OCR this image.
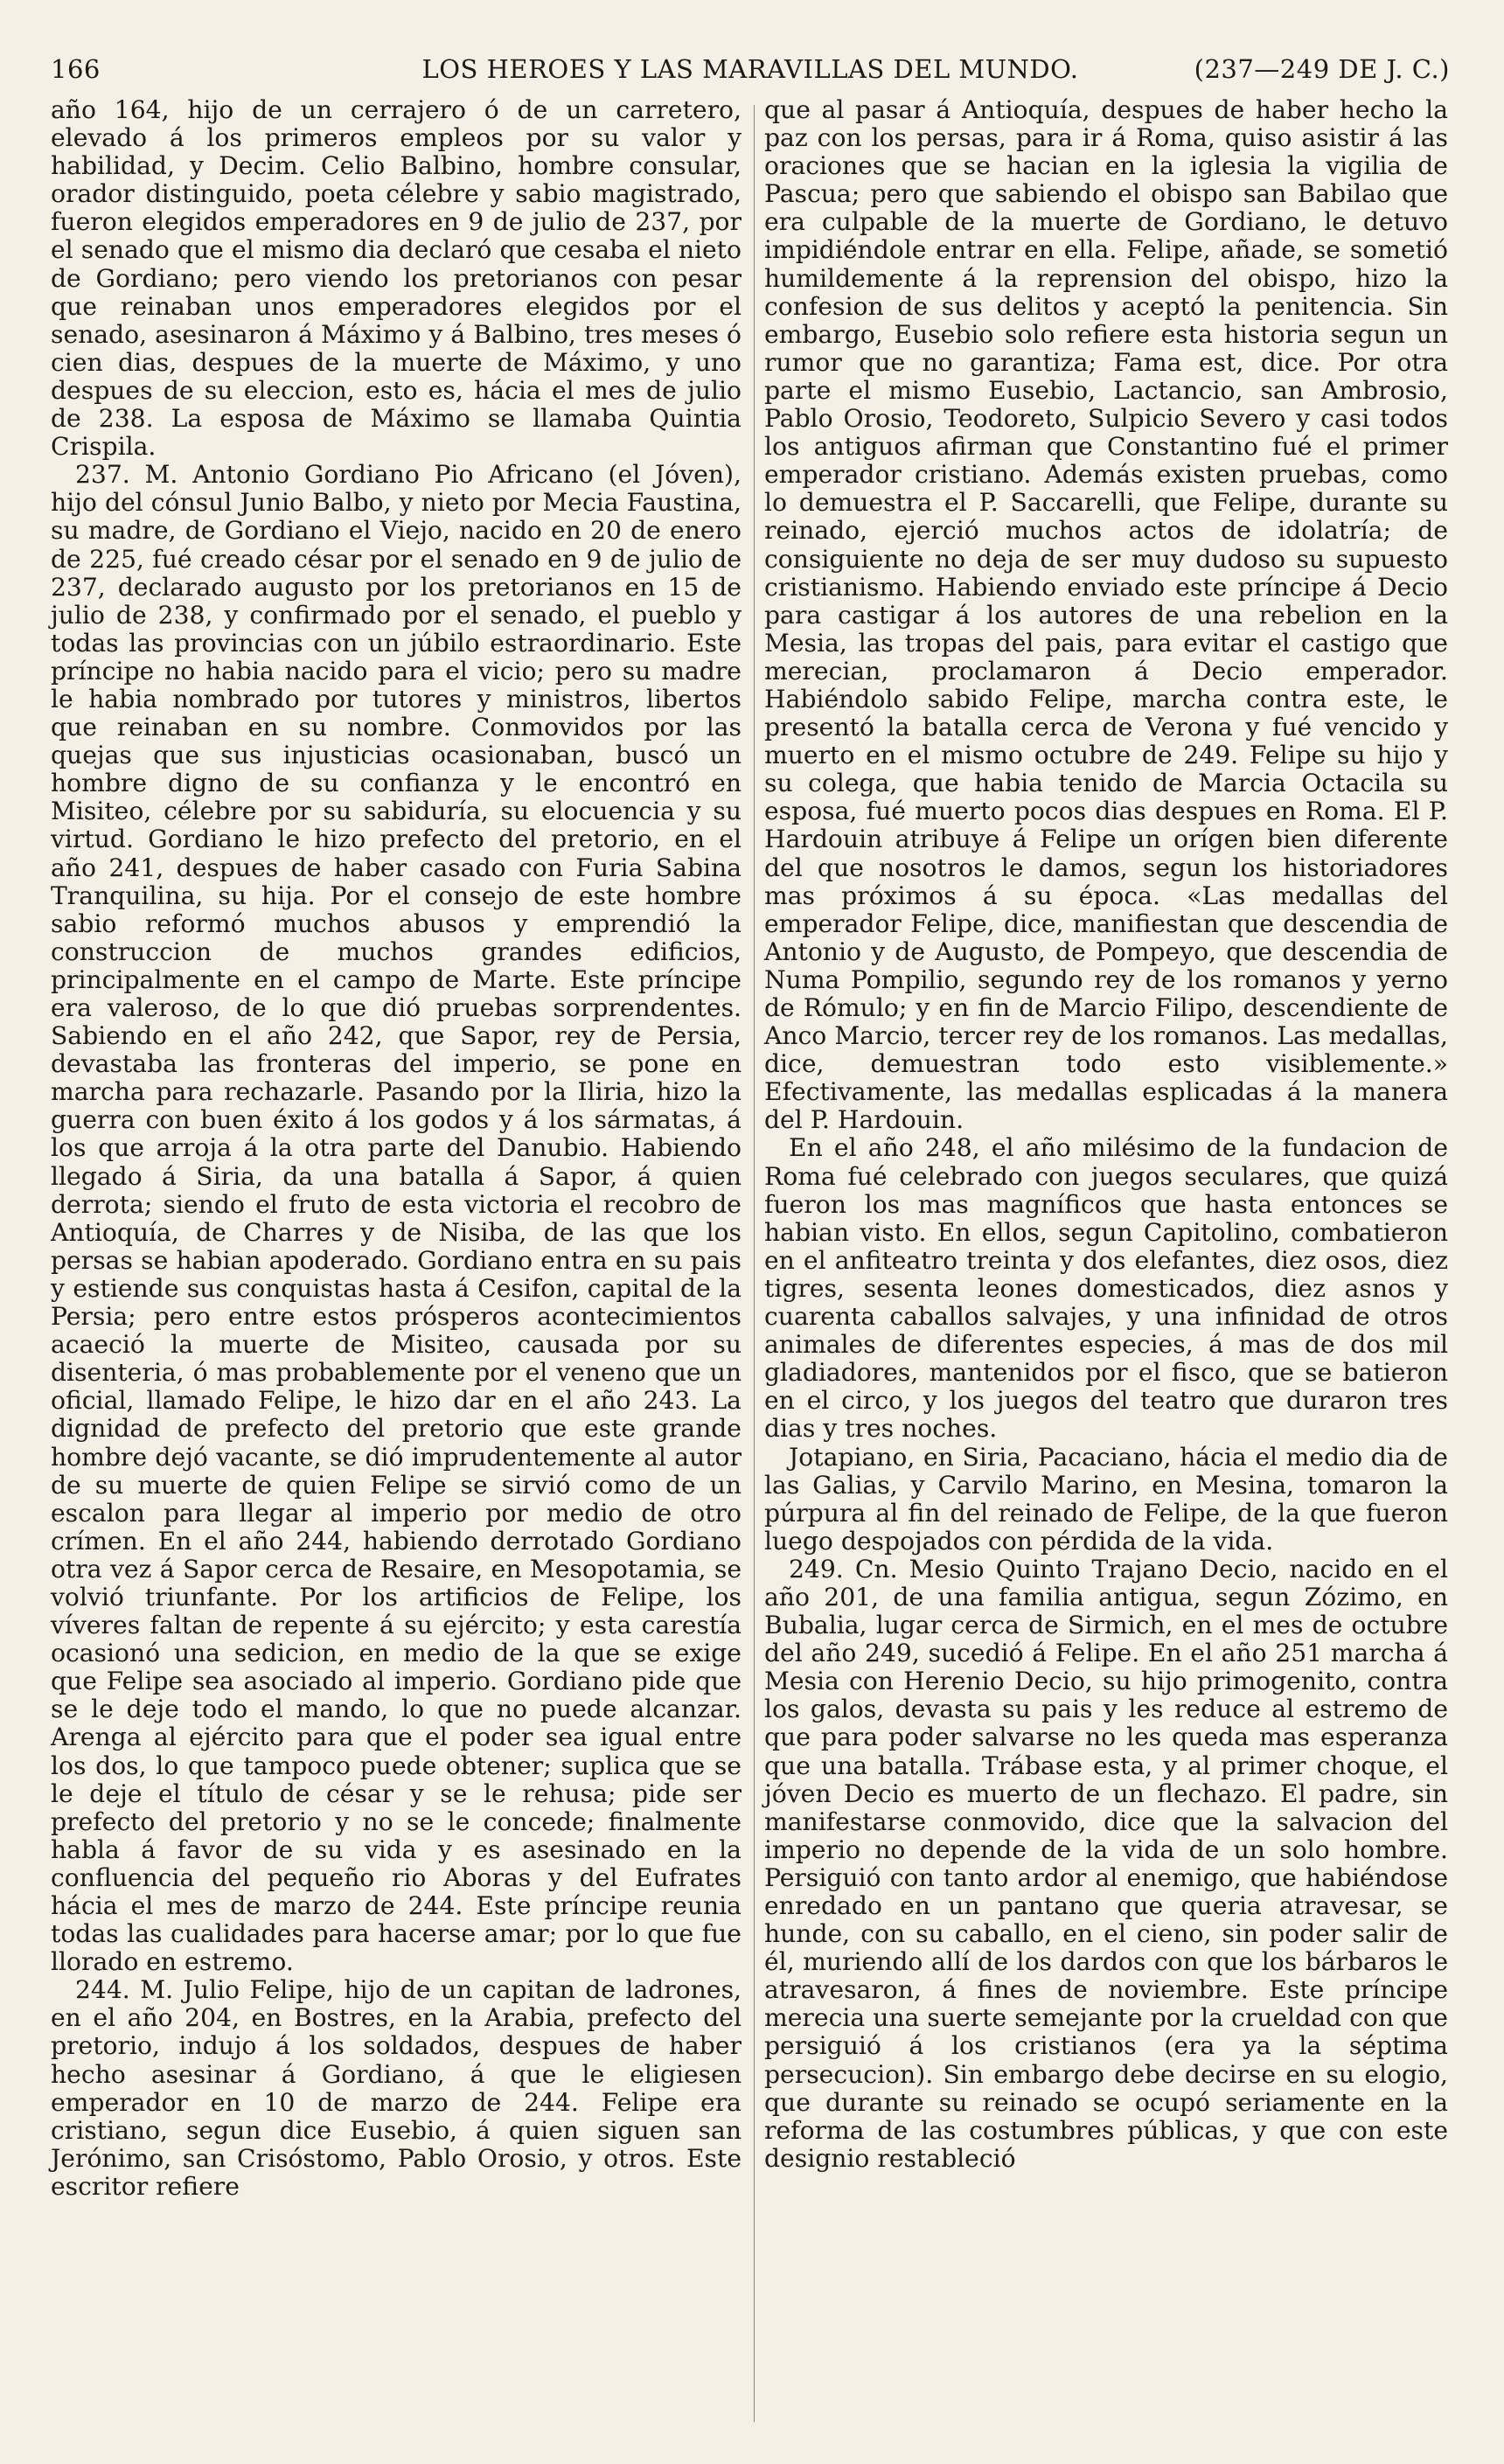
166	LOS HEROES Y LAS MARAVILLAS DEL MUNDO.	(237—249 DE J. C.)

año 164, hijo de un cerrajero ó de un carretero, elevado á los primeros empleos por su valor y habilidad, y Decim. Celio Balbino, hombre consular, orador distinguido, poeta célebre y sabio magistrado, fueron elegidos emperadores en 9 de julio de 237, por el senado que el mismo dia declaró que cesaba el nieto de Gordiano; pero viendo los pretorianos con pesar que reinaban unos emperadores elegidos por el senado, asesinaron á Máximo y á Balbino, tres meses ó cien dias, despues de la muerte de Máximo, y uno despues de su eleccion, esto es, hácia el mes de julio de 238. La esposa de Máximo se llamaba Quintia Crispila.

237. M. Antonio Gordiano Pio Africano (el Jóven), hijo del cónsul Junio Balbo, y nieto por Mecia Faustina, su madre, de Gordiano el Viejo, nacido en 20 de enero de 225, fué creado césar por el senado en 9 de julio de 237, declarado augusto por los pretorianos en 15 de julio de 238, y confirmado por el senado, el pueblo y todas las provincias con un júbilo estraordinario. Este príncipe no habia nacido para el vicio; pero su madre le habia nombrado por tutores y ministros, libertos que reinaban en su nombre. Conmovidos por las quejas que sus injusticias ocasionaban, buscó un hombre digno de su confianza y le encontró en Misiteo, célebre por su sabiduría, su elocuencia y su virtud. Gordiano le hizo prefecto del pretorio, en el año 241, despues de haber casado con Furia Sabina Tranquilina, su hija. Por el consejo de este hombre sabio reformó muchos abusos y emprendió la construccion de muchos grandes edificios, principalmente en el campo de Marte. Este príncipe era valeroso, de lo que dió pruebas sorprendentes. Sabiendo en el año 242, que Sapor, rey de Persia, devastaba las fronteras del imperio, se pone en marcha para rechazarle. Pasando por la Iliria, hizo la guerra con buen éxito á los godos y á los sármatas, á los que arroja á la otra parte del Danubio. Habiendo llegado á Siria, da una batalla á Sapor, á quien derrota; siendo el fruto de esta victoria el recobro de Antioquía, de Charres y de Nisiba, de las que los persas se habian apoderado. Gordiano entra en su pais y estiende sus conquistas hasta á Cesifon, capital de la Persia; pero entre estos prósperos acontecimientos acaeció la muerte de Misiteo, causada por su disenteria, ó mas probablemente por el veneno que un oficial, llamado Felipe, le hizo dar en el año 243. La dignidad de prefecto del pretorio que este grande hombre dejó vacante, se dió imprudentemente al autor de su muerte de quien Felipe se sirvió como de un escalon para llegar al imperio por medio de otro crímen. En el año 244, habiendo derrotado Gordiano otra vez á Sapor cerca de Resaire, en Mesopotamia, se volvió triunfante. Por los artificios de Felipe, los víveres faltan de repente á su ejército; y esta carestía ocasionó una sedicion, en medio de la que se exige que Felipe sea asociado al imperio. Gordiano pide que se le deje todo el mando, lo que no puede alcanzar. Arenga al ejército para que el poder sea igual entre los dos, lo que tampoco puede obtener; suplica que se le deje el título de césar y se le rehusa; pide ser prefecto del pretorio y no se le concede; finalmente habla á favor de su vida y es asesinado en la confluencia del pequeño rio Aboras y del Eufrates hácia el mes de marzo de 244. Este príncipe reunia todas las cualidades para hacerse amar; por lo que fue llorado en estremo.

244. M. Julio Felipe, hijo de un capitan de ladrones, en el año 204, en Bostres, en la Arabia, prefecto del pretorio, indujo á los soldados, despues de haber hecho asesinar á Gordiano, á que le eligiesen emperador en 10 de marzo de 244. Felipe era cristiano, segun dice Eusebio, á quien siguen san Jerónimo, san Crisóstomo, Pablo Orosio, y otros. Este escritor refiere

que al pasar á Antioquía, despues de haber hecho la paz con los persas, para ir á Roma, quiso asistir á las oraciones que se hacian en la iglesia la vigilia de Pascua; pero que sabiendo el obispo san Babilao que era culpable de la muerte de Gordiano, le detuvo impidiéndole entrar en ella. Felipe, añade, se sometió humildemente á la reprension del obispo, hizo la confesion de sus delitos y aceptó la penitencia. Sin embargo, Eusebio solo refiere esta historia segun un rumor que no garantiza; Fama est, dice. Por otra parte el mismo Eusebio, Lactancio, san Ambrosio, Pablo Orosio, Teodoreto, Sulpicio Severo y casi todos los antiguos afirman que Constantino fué el primer emperador cristiano. Además existen pruebas, como lo demuestra el P. Saccarelli, que Felipe, durante su reinado, ejerció muchos actos de idolatría; de consiguiente no deja de ser muy dudoso su supuesto cristianismo. Habiendo enviado este príncipe á Decio para castigar á los autores de una rebelion en la Mesia, las tropas del pais, para evitar el castigo que merecian, proclamaron á Decio emperador. Habiéndolo sabido Felipe, marcha contra este, le presentó la batalla cerca de Verona y fué vencido y muerto en el mismo octubre de 249. Felipe su hijo y su colega, que habia tenido de Marcia Octacila su esposa, fué muerto pocos dias despues en Roma. El P. Hardouin atribuye á Felipe un orígen bien diferente del que nosotros le damos, segun los historiadores mas próximos á su época. «Las medallas del emperador Felipe, dice, manifiestan que descendia de Antonio y de Augusto, de Pompeyo, que descendia de Numa Pompilio, segundo rey de los romanos y yerno de Rómulo; y en fin de Marcio Filipo, descendiente de Anco Marcio, tercer rey de los romanos. Las medallas, dice, demuestran todo esto visiblemente.» Efectivamente, las medallas esplicadas á la manera del P. Hardouin.

En el año 248, el año milésimo de la fundacion de Roma fué celebrado con juegos seculares, que quizá fueron los mas magníficos que hasta entonces se habian visto. En ellos, segun Capitolino, combatieron en el anfiteatro treinta y dos elefantes, diez osos, diez tigres, sesenta leones domesticados, diez asnos y cuarenta caballos salvajes, y una infinidad de otros animales de diferentes especies, á mas de dos mil gladiadores, mantenidos por el fisco, que se batieron en el circo, y los juegos del teatro que duraron tres dias y tres noches.

Jotapiano, en Siria, Pacaciano, hácia el medio dia de las Galias, y Carvilo Marino, en Mesina, tomaron la púrpura al fin del reinado de Felipe, de la que fueron luego despojados con pérdida de la vida.

249. Cn. Mesio Quinto Trajano Decio, nacido en el año 201, de una familia antigua, segun Zózimo, en Bubalia, lugar cerca de Sirmich, en el mes de octubre del año 249, sucedió á Felipe. En el año 251 marcha á Mesia con Herenio Decio, su hijo primogenito, contra los galos, devasta su pais y les reduce al estremo de que para poder salvarse no les queda mas esperanza que una batalla. Trábase esta, y al primer choque, el jóven Decio es muerto de un flechazo. El padre, sin manifestarse conmovido, dice que la salvacion del imperio no depende de la vida de un solo hombre. Persiguió con tanto ardor al enemigo, que habiéndose enredado en un pantano que queria atravesar, se hunde, con su caballo, en el cieno, sin poder salir de él, muriendo allí de los dardos con que los bárbaros le atravesaron, á fines de noviembre. Este príncipe merecia una suerte semejante por la crueldad con que persiguió á los cristianos (era ya la séptima persecucion). Sin embargo debe decirse en su elogio, que durante su reinado se ocupó seriamente en la reforma de las costumbres públicas, y que con este designio restableció
